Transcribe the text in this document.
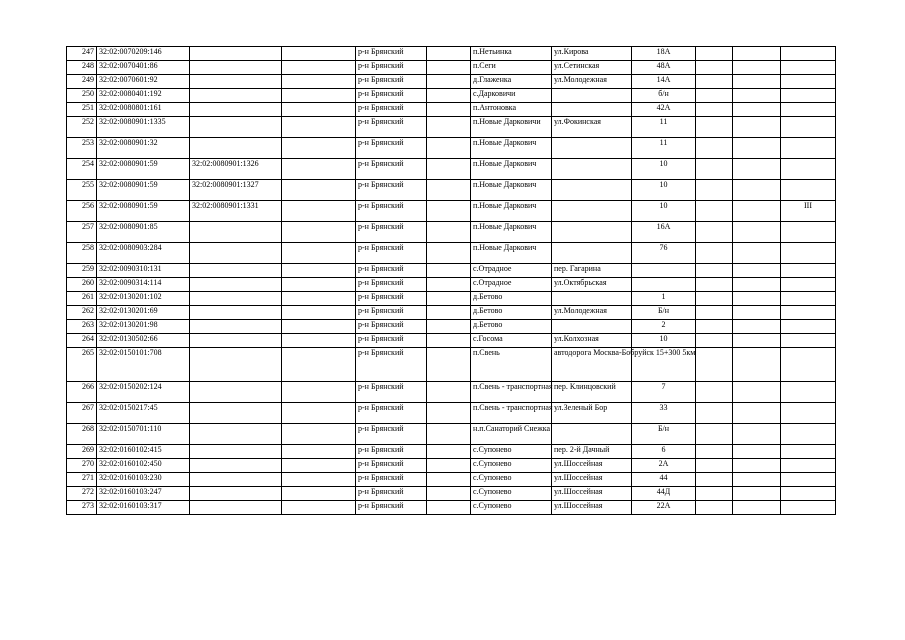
247	32:02:0070209:146			р-н Брянский		п.Нетьинка	ул.Кирова	18А			
248	32:02:0070401:86			р-н Брянский		п.Сеги	ул.Сетинская	48А			
249	32:02:0070601:92			р-н Брянский		д.Глаженка	ул.Молодежная	14А			
250	32:02:0080401:192			р-н Брянский		с.Дарковичи		б/н			
251	32:02:0080801:161			р-н Брянский		п.Антоновка		42А			
252	32:02:0080901:1335			р-н Брянский		п.Новые Дарковичи	ул.Фокинская	11			
253	32:02:0080901:32			р-н Брянский		п.Новые Даркович		11			
254	32:02:0080901:59	32:02:0080901:1326		р-н Брянский		п.Новые Даркович		10			
255	32:02:0080901:59	32:02:0080901:1327		р-н Брянский		п.Новые Даркович		10			
256	32:02:0080901:59	32:02:0080901:1331		р-н Брянский		п.Новые Даркович		10			III
257	32:02:0080901:85			р-н Брянский		п.Новые Даркович		16А			
258	32:02:0080903:284			р-н Брянский		п.Новые Даркович		76			
259	32:02:0090310:131			р-н Брянский		с.Отрадное	пер. Гагарина				
260	32:02:0090314:114			р-н Брянский		с.Отрадное	ул.Октябрьская				
261	32:02:0130201:102			р-н Брянский		д.Бетово		1			
262	32:02:0130201:69			р-н Брянский		д.Бетово	ул.Молодежная	Б/н			
263	32:02:0130201:98			р-н Брянский		д.Бетово		2			
264	32:02:0130502:66			р-н Брянский		с.Госома	ул.Колхозная	10			
265	32:02:0150101:708			р-н Брянский		п.Свень	автодорога Москва-Бобруйск 15+300 5км				
266	32:02:0150202:124			р-н Брянский		п.Свень - транспортная	пер. Клинцовский	7			
267	32:02:0150217:45			р-н Брянский		п.Свень - транспортная	ул.Зеленый Бор	33			
268	32:02:0150701:110			р-н Брянский		н.п.Санаторий Снежка		Б/н			
269	32:02:0160102:415			р-н Брянский		с.Супонево	пер. 2-й Дачный	6			
270	32:02:0160102:450			р-н Брянский		с.Супонево	ул.Шоссейная	2А			
271	32:02:0160103:230			р-н Брянский		с.Супонево	ул.Шоссейная	44			
272	32:02:0160103:247			р-н Брянский		с.Супонево	ул.Шоссейная	44Д			
273	32:02:0160103:317			р-н Брянский		с.Супонево	ул.Шоссейная	22А			
